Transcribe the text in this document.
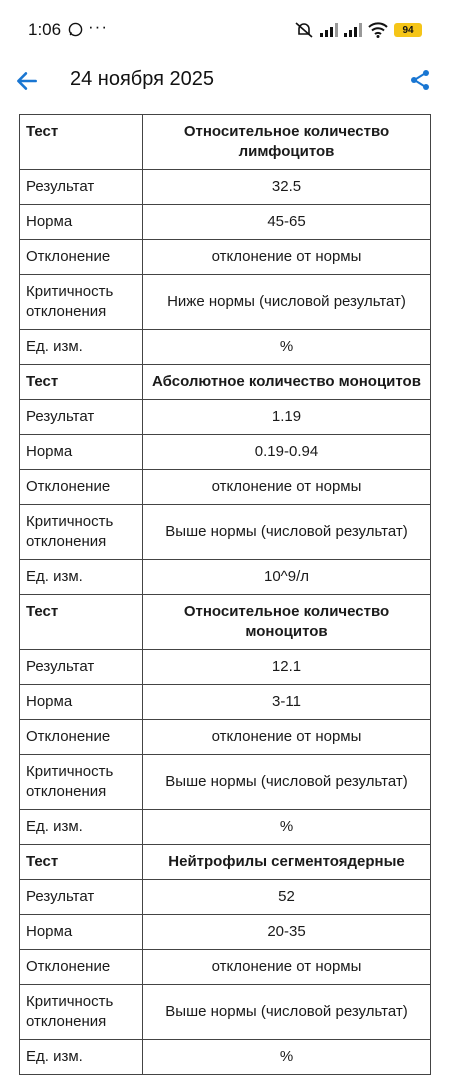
1:06 ···	94
24 ноября 2025
Тест	Относительное количество лимфоцитов
Результат	32.5
Норма	45-65
Отклонение	отклонение от нормы
Критичность отклонения	Ниже нормы (числовой результат)
Ед. изм.	%
Тест	Абсолютное количество моноцитов
Результат	1.19
Норма	0.19-0.94
Отклонение	отклонение от нормы
Критичность отклонения	Выше нормы (числовой результат)
Ед. изм.	10^9/л
Тест	Относительное количество моноцитов
Результат	12.1
Норма	3-11
Отклонение	отклонение от нормы
Критичность отклонения	Выше нормы (числовой результат)
Ед. изм.	%
Тест	Нейтрофилы сегментоядерные
Результат	52
Норма	20-35
Отклонение	отклонение от нормы
Критичность отклонения	Выше нормы (числовой результат)
Ед. изм.	%
